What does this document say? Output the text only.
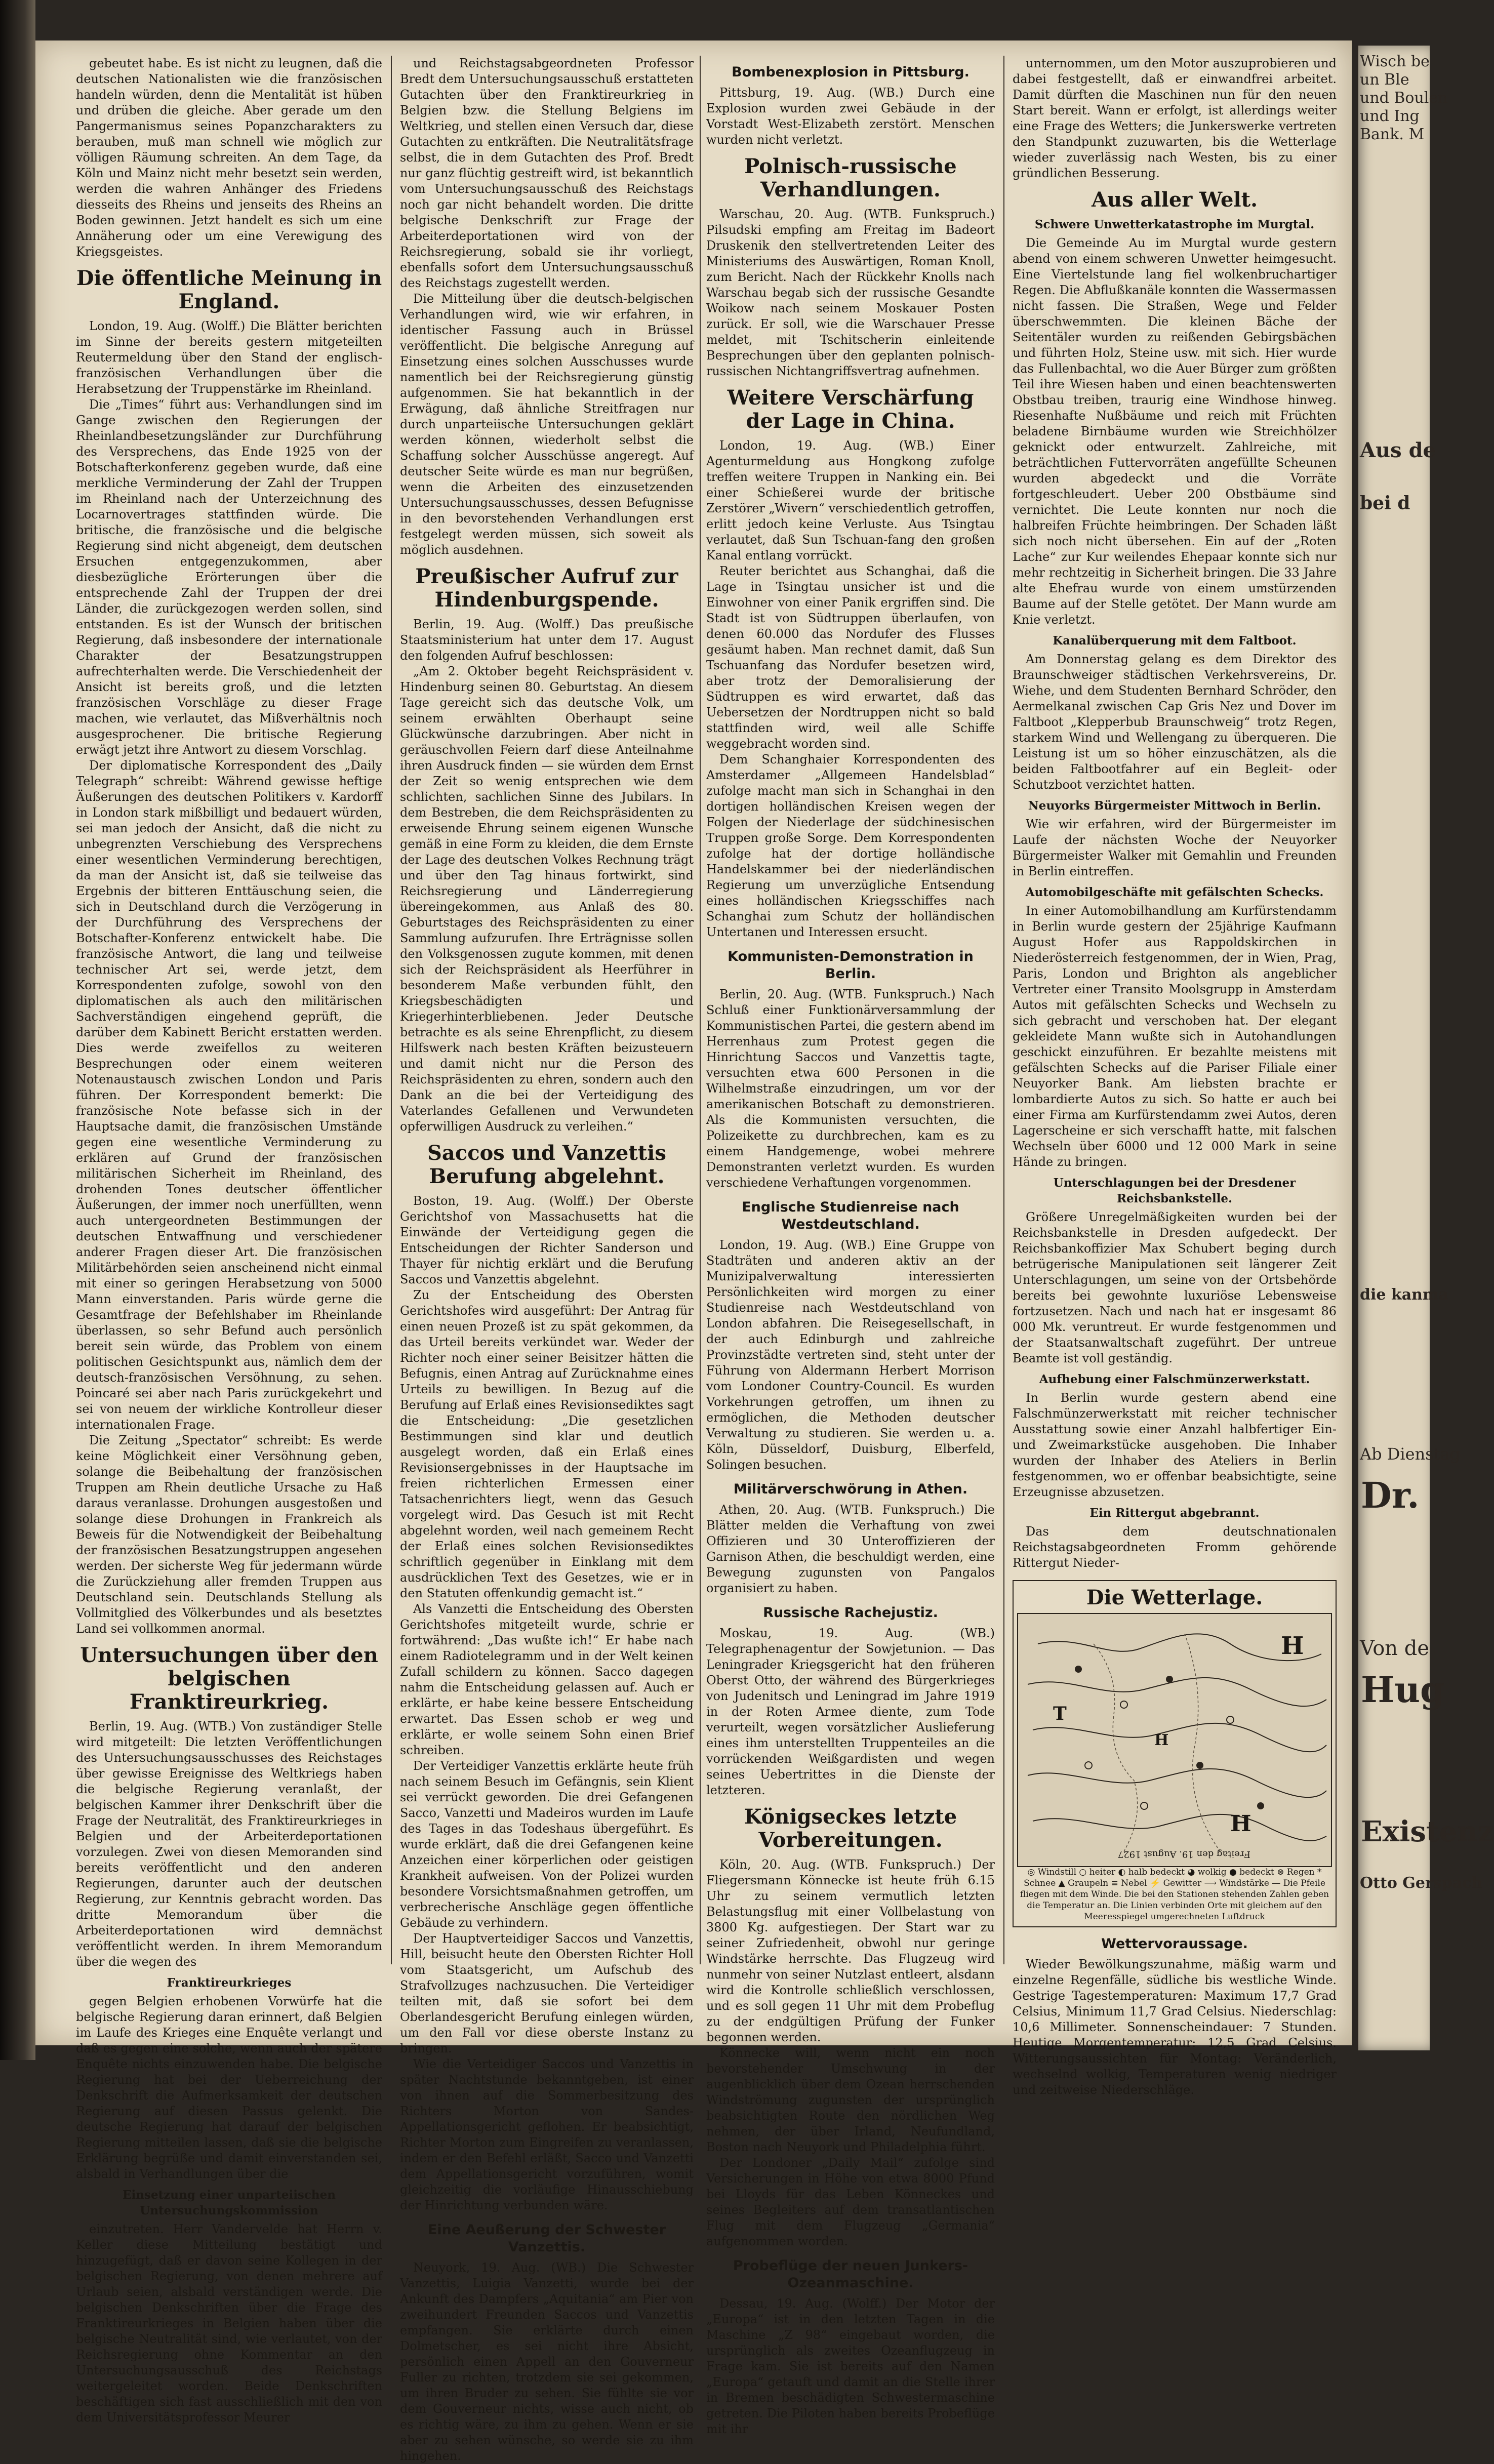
gebeutet habe. Es ist nicht zu leugnen, daß die deutschen Nationalisten wie die französischen handeln würden, denn die Mentalität ist hüben und drüben die gleiche. Aber gerade um den Pangermanismus seines Popanzcharakters zu berauben, muß man schnell wie möglich zur völligen Räumung schreiten. An dem Tage, da Köln und Mainz nicht mehr besetzt sein werden, werden die wahren Anhänger des Friedens diesseits des Rheins und jenseits des Rheins an Boden gewinnen. Jetzt handelt es sich um eine Annäherung oder um eine Verewigung des Kriegsgeistes.

Die öffentliche Meinung in England.

London, 19. Aug. (Wolff.) Die Blätter berichten im Sinne der bereits gestern mitgeteilten Reutermeldung über den Stand der englisch-französischen Verhandlungen über die Herabsetzung der Truppenstärke im Rheinland.

Die „Times“ führt aus: Verhandlungen sind im Gange zwischen den Regierungen der Rheinlandbesetzungsländer zur Durchführung des Versprechens, das Ende 1925 von der Botschafterkonferenz gegeben wurde, daß eine merkliche Verminderung der Zahl der Truppen im Rheinland nach der Unterzeichnung des Locarnovertrages stattfinden würde. Die britische, die französische und die belgische Regierung sind nicht abgeneigt, dem deutschen Ersuchen entgegenzukommen, aber diesbezügliche Erörterungen über die entsprechende Zahl der Truppen der drei Länder, die zurückgezogen werden sollen, sind entstanden. Es ist der Wunsch der britischen Regierung, daß insbesondere der internationale Charakter der Besatzungstruppen aufrechterhalten werde. Die Verschiedenheit der Ansicht ist bereits groß, und die letzten französischen Vorschläge zu dieser Frage machen, wie verlautet, das Mißverhältnis noch ausgesprochener. Die britische Regierung erwägt jetzt ihre Antwort zu diesem Vorschlag.

Der diplomatische Korrespondent des „Daily Telegraph“ schreibt: Während gewisse heftige Äußerungen des deutschen Politikers v. Kardorff in London stark mißbilligt und bedauert würden, sei man jedoch der Ansicht, daß die nicht zu unbegrenzten Verschiebung des Versprechens einer wesentlichen Verminderung berechtigen, da man der Ansicht ist, daß sie teilweise das Ergebnis der bitteren Enttäuschung seien, die sich in Deutschland durch die Verzögerung in der Durchführung des Versprechens der Botschafter-Konferenz entwickelt habe. Die französische Antwort, die lang und teilweise technischer Art sei, werde jetzt, dem Korrespondenten zufolge, sowohl von den diplomatischen als auch den militärischen Sachverständigen eingehend geprüft, die darüber dem Kabinett Bericht erstatten werden. Dies werde zweifellos zu weiteren Besprechungen oder einem weiteren Notenaustausch zwischen London und Paris führen. Der Korrespondent bemerkt: Die französische Note befasse sich in der Hauptsache damit, die französischen Umstände gegen eine wesentliche Verminderung zu erklären auf Grund der französischen militärischen Sicherheit im Rheinland, des drohenden Tones deutscher öffentlicher Äußerungen, der immer noch unerfüllten, wenn auch untergeordneten Bestimmungen der deutschen Entwaffnung und verschiedener anderer Fragen dieser Art. Die französischen Militärbehörden seien anscheinend nicht einmal mit einer so geringen Herabsetzung von 5000 Mann einverstanden. Paris würde gerne die Gesamtfrage der Befehlshaber im Rheinlande überlassen, so sehr Befund auch persönlich bereit sein würde, das Problem von einem politischen Gesichtspunkt aus, nämlich dem der deutsch-französischen Versöhnung, zu sehen. Poincaré sei aber nach Paris zurückgekehrt und sei von neuem der wirkliche Kontrolleur dieser internationalen Frage.

Die Zeitung „Spectator“ schreibt: Es werde keine Möglichkeit einer Versöhnung geben, solange die Beibehaltung der französischen Truppen am Rhein deutliche Ursache zu Haß daraus veranlasse. Drohungen ausgestoßen und solange diese Drohungen in Frankreich als Beweis für die Notwendigkeit der Beibehaltung der französischen Besatzungstruppen angesehen werden. Der sicherste Weg für jedermann würde die Zurückziehung aller fremden Truppen aus Deutschland sein. Deutschlands Stellung als Vollmitglied des Völkerbundes und als besetztes Land sei vollkommen anormal.

Untersuchungen über den belgischen Franktireurkrieg.

Berlin, 19. Aug. (WTB.) Von zuständiger Stelle wird mitgeteilt: Die letzten Veröffentlichungen des Untersuchungsausschusses des Reichstages über gewisse Ereignisse des Weltkriegs haben die belgische Regierung veranlaßt, der belgischen Kammer ihrer Denkschrift über die Frage der Neutralität, des Franktireurkrieges in Belgien und der Arbeiterdeportationen vorzulegen. Zwei von diesen Memoranden sind bereits veröffentlicht und den anderen Regierungen, darunter auch der deutschen Regierung, zur Kenntnis gebracht worden. Das dritte Memorandum über die Arbeiterdeportationen wird demnächst veröffentlicht werden. In ihrem Memorandum über die wegen des

Franktireurkrieges

gegen Belgien erhobenen Vorwürfe hat die belgische Regierung daran erinnert, daß Belgien im Laufe des Krieges eine Enquête verlangt und daß es gegen eine solche, wenn auch der spätere Enquête nichts einzuwenden habe. Die belgische Regierung hat bei der Ueberreichung der Denkschrift die Aufmerksamkeit der deutschen Regierung auf diesen Passus gelenkt. Die deutsche Regierung hat darauf der belgischen Regierung mitteilen lassen, daß sie die belgische Erklärung begrüße und damit einverstanden sei, alsbald in Verhandlungen über die

Einsetzung einer unparteiischen Untersuchungskommission

einzutreten. Herr Vandervelde hat Herrn v. Keller diese Mitteilung bestätigt und hinzugefügt, daß er davon seine Kollegen in der belgischen Regierung, von denen mehrere auf Urlaub seien, alsbald verständigen werde. Die belgischen Denkschriften über die Frage des Franktireurkrieges in Belgien haben über die belgische Neutralität sind, wie verlautet, von der Reichsregierung ohne Kommentar an den Untersuchungsausschuß des Reichstags weitergeleitet worden. Beide Denkschriften beschäftigen sich fast ausschließlich mit den von dem Universitätsprofessor Meurer

und Reichstagsabgeordneten Professor Bredt dem Untersuchungsausschuß erstatteten Gutachten über den Franktireurkrieg in Belgien bzw. die Stellung Belgiens im Weltkrieg, und stellen einen Versuch dar, diese Gutachten zu entkräften. Die Neutralitätsfrage selbst, die in dem Gutachten des Prof. Bredt nur ganz flüchtig gestreift wird, ist bekanntlich vom Untersuchungsausschuß des Reichstags noch gar nicht behandelt worden. Die dritte belgische Denkschrift zur Frage der Arbeiterdeportationen wird von der Reichsregierung, sobald sie ihr vorliegt, ebenfalls sofort dem Untersuchungsausschuß des Reichstags zugestellt werden.

Die Mitteilung über die deutsch-belgischen Verhandlungen wird, wie wir erfahren, in identischer Fassung auch in Brüssel veröffentlicht. Die belgische Anregung auf Einsetzung eines solchen Ausschusses wurde namentlich bei der Reichsregierung günstig aufgenommen. Sie hat bekanntlich in der Erwägung, daß ähnliche Streitfragen nur durch unparteiische Untersuchungen geklärt werden können, wiederholt selbst die Schaffung solcher Ausschüsse angeregt. Auf deutscher Seite würde es man nur begrüßen, wenn die Arbeiten des einzusetzenden Untersuchungsausschusses, dessen Befugnisse in den bevorstehenden Verhandlungen erst festgelegt werden müssen, sich soweit als möglich ausdehnen.

Preußischer Aufruf zur Hindenburgspende.

Berlin, 19. Aug. (Wolff.) Das preußische Staatsministerium hat unter dem 17. August den folgenden Aufruf beschlossen:

„Am 2. Oktober begeht Reichspräsident v. Hindenburg seinen 80. Geburtstag. An diesem Tage gereicht sich das deutsche Volk, um seinem erwählten Oberhaupt seine Glückwünsche darzubringen. Aber nicht in geräuschvollen Feiern darf diese Anteilnahme ihren Ausdruck finden — sie würden dem Ernst der Zeit so wenig entsprechen wie dem schlichten, sachlichen Sinne des Jubilars. In dem Bestreben, die dem Reichspräsidenten zu erweisende Ehrung seinem eigenen Wunsche gemäß in eine Form zu kleiden, die dem Ernste der Lage des deutschen Volkes Rechnung trägt und über den Tag hinaus fortwirkt, sind Reichsregierung und Länderregierung übereingekommen, aus Anlaß des 80. Geburtstages des Reichspräsidenten zu einer Sammlung aufzurufen. Ihre Erträgnisse sollen den Volksgenossen zugute kommen, mit denen sich der Reichspräsident als Heerführer in besonderem Maße verbunden fühlt, den Kriegsbeschädigten und Kriegerhinterbliebenen. Jeder Deutsche betrachte es als seine Ehrenpflicht, zu diesem Hilfswerk nach besten Kräften beizusteuern und damit nicht nur die Person des Reichspräsidenten zu ehren, sondern auch den Dank an die bei der Verteidigung des Vaterlandes Gefallenen und Verwundeten opferwilligen Ausdruck zu verleihen.“

Saccos und Vanzettis Berufung abgelehnt.

Boston, 19. Aug. (Wolff.) Der Oberste Gerichtshof von Massachusetts hat die Einwände der Verteidigung gegen die Entscheidungen der Richter Sanderson und Thayer für nichtig erklärt und die Berufung Saccos und Vanzettis abgelehnt.

Zu der Entscheidung des Obersten Gerichtshofes wird ausgeführt: Der Antrag für einen neuen Prozeß ist zu spät gekommen, da das Urteil bereits verkündet war. Weder der Richter noch einer seiner Beisitzer hätten die Befugnis, einen Antrag auf Zurücknahme eines Urteils zu bewilligen. In Bezug auf die Berufung auf Erlaß eines Revisionsediktes sagt die Entscheidung: „Die gesetzlichen Bestimmungen sind klar und deutlich ausgelegt worden, daß ein Erlaß eines Revisionsergebnisses in der Hauptsache im freien richterlichen Ermessen einer Tatsachenrichters liegt, wenn das Gesuch vorgelegt wird. Das Gesuch ist mit Recht abgelehnt worden, weil nach gemeinem Recht der Erlaß eines solchen Revisionsediktes schriftlich gegenüber in Einklang mit dem ausdrücklichen Text des Gesetzes, wie er in den Statuten offenkundig gemacht ist.“

Als Vanzetti die Entscheidung des Obersten Gerichtshofes mitgeteilt wurde, schrie er fortwährend: „Das wußte ich!“ Er habe nach einem Radiotelegramm und in der Welt keinen Zufall schildern zu können. Sacco dagegen nahm die Entscheidung gelassen auf. Auch er erklärte, er habe keine bessere Entscheidung erwartet. Das Essen schob er weg und erklärte, er wolle seinem Sohn einen Brief schreiben.

Der Verteidiger Vanzettis erklärte heute früh nach seinem Besuch im Gefängnis, sein Klient sei verrückt geworden. Die drei Gefangenen Sacco, Vanzetti und Madeiros wurden im Laufe des Tages in das Todeshaus übergeführt. Es wurde erklärt, daß die drei Gefangenen keine Anzeichen einer körperlichen oder geistigen Krankheit aufweisen. Von der Polizei wurden besondere Vorsichtsmaßnahmen getroffen, um verbrecherische Anschläge gegen öffentliche Gebäude zu verhindern.

Der Hauptverteidiger Saccos und Vanzettis, Hill, beisucht heute den Obersten Richter Holl vom Staatsgericht, um Aufschub des Strafvollzuges nachzusuchen. Die Verteidiger teilten mit, daß sie sofort bei dem Oberlandesgericht Berufung einlegen würden, um den Fall vor diese oberste Instanz zu bringen.

Wie die Verteidiger Saccos und Vanzettis in später Nachtstunde bekanntgeben, ist einer von ihnen auf die Sommerbesitzung des Richters Morton von Sandes-Appellationsgericht geflohen. Er beabsichtigt, Richter Morton zum Eingreifen zu veranlassen, indem er den Befehl erläßt, Sacco und Vanzetti dem Appellationsgericht vorzuführen, womit gleichzeitig die vorläufige Hinausschiebung der Hinrichtung verbunden wäre.

Eine Aeußerung der Schwester Vanzettis.

Neuyork, 19. Aug. (WB.) Die Schwester Vanzettis, Luigia Vanzetti, wurde bei der Ankunft des Dampfers „Aquitania“ am Pier von zweihundert Freunden Saccos und Vanzettis empfangen. Sie erklärte durch einen Dolmetscher, es sei nicht ihre Absicht, persönlich einen Appell an den Gouverneur Fuller zu richten, trotzdem sie sei gekommen, um ihren Bruder zu sehen. Sie fühlte sie vor dem Gouverneur nichts, wisse auch nicht, ob es richtig wäre, zu ihm zu gehen. Wenn er sie aber zu sehen wünsche, so werde sie zu ihm hingehen.

Bombenexplosion in Pittsburg.

Pittsburg, 19. Aug. (WB.) Durch eine Explosion wurden zwei Gebäude in der Vorstadt West-Elizabeth zerstört. Menschen wurden nicht verletzt.

Polnisch-russische Verhandlungen.

Warschau, 20. Aug. (WTB. Funkspruch.) Pilsudski empfing am Freitag im Badeort Druskenik den stellvertretenden Leiter des Ministeriums des Auswärtigen, Roman Knoll, zum Bericht. Nach der Rückkehr Knolls nach Warschau begab sich der russische Gesandte Woikow nach seinem Moskauer Posten zurück. Er soll, wie die Warschauer Presse meldet, mit Tschitscherin einleitende Besprechungen über den geplanten polnisch-russischen Nichtangriffsvertrag aufnehmen.

Weitere Verschärfung der Lage in China.

London, 19. Aug. (WB.) Einer Agenturmeldung aus Hongkong zufolge treffen weitere Truppen in Nanking ein. Bei einer Schießerei wurde der britische Zerstörer „Wivern“ verschiedentlich getroffen, erlitt jedoch keine Verluste. Aus Tsingtau verlautet, daß Sun Tschuan-fang den großen Kanal entlang vorrückt.

Reuter berichtet aus Schanghai, daß die Lage in Tsingtau unsicher ist und die Einwohner von einer Panik ergriffen sind. Die Stadt ist von Südtruppen überlaufen, von denen 60.000 das Nordufer des Flusses gesäumt haben. Man rechnet damit, daß Sun Tschuanfang das Nordufer besetzen wird, aber trotz der Demoralisierung der Südtruppen es wird erwartet, daß das Uebersetzen der Nordtruppen nicht so bald stattfinden wird, weil alle Schiffe weggebracht worden sind.

Dem Schanghaier Korrespondenten des Amsterdamer „Allgemeen Handelsblad“ zufolge macht man sich in Schanghai in den dortigen holländischen Kreisen wegen der Folgen der Niederlage der südchinesischen Truppen große Sorge. Dem Korrespondenten zufolge hat der dortige holländische Handelskammer bei der niederländischen Regierung um unverzügliche Entsendung eines holländischen Kriegsschiffes nach Schanghai zum Schutz der holländischen Untertanen und Interessen ersucht.

Kommunisten-Demonstration in Berlin.

Berlin, 20. Aug. (WTB. Funkspruch.) Nach Schluß einer Funktionärversammlung der Kommunistischen Partei, die gestern abend im Herrenhaus zum Protest gegen die Hinrichtung Saccos und Vanzettis tagte, versuchten etwa 600 Personen in die Wilhelmstraße einzudringen, um vor der amerikanischen Botschaft zu demonstrieren. Als die Kommunisten versuchten, die Polizeikette zu durchbrechen, kam es zu einem Handgemenge, wobei mehrere Demonstranten verletzt wurden. Es wurden verschiedene Verhaftungen vorgenommen.

Englische Studienreise nach Westdeutschland.

London, 19. Aug. (WB.) Eine Gruppe von Stadträten und anderen aktiv an der Munizipalverwaltung interessierten Persönlichkeiten wird morgen zu einer Studienreise nach Westdeutschland von London abfahren. Die Reisegesellschaft, in der auch Edinburgh und zahlreiche Provinzstädte vertreten sind, steht unter der Führung von Aldermann Herbert Morrison vom Londoner Country-Council. Es wurden Vorkehrungen getroffen, um ihnen zu ermöglichen, die Methoden deutscher Verwaltung zu studieren. Sie werden u. a. Köln, Düsseldorf, Duisburg, Elberfeld, Solingen besuchen.

Militärverschwörung in Athen.

Athen, 20. Aug. (WTB. Funkspruch.) Die Blätter melden die Verhaftung von zwei Offizieren und 30 Unteroffizieren der Garnison Athen, die beschuldigt werden, eine Bewegung zugunsten von Pangalos organisiert zu haben.

Russische Rachejustiz.

Moskau, 19. Aug. (WB.) Telegraphenagentur der Sowjetunion. — Das Leningrader Kriegsgericht hat den früheren Oberst Otto, der während des Bürgerkrieges von Judenitsch und Leningrad im Jahre 1919 in der Roten Armee diente, zum Tode verurteilt, wegen vorsätzlicher Auslieferung eines ihm unterstellten Truppenteiles an die vorrückenden Weißgardisten und wegen seines Uebertrittes in die Dienste der letzteren.

Königseckes letzte Vorbereitungen.

Köln, 20. Aug. (WTB. Funkspruch.) Der Fliegersmann Könnecke ist heute früh 6.15 Uhr zu seinem vermutlich letzten Belastungsflug mit einer Vollbelastung von 3800 Kg. aufgestiegen. Der Start war zu seiner Zufriedenheit, obwohl nur geringe Windstärke herrschte. Das Flugzeug wird nunmehr von seiner Nutzlast entleert, alsdann wird die Kontrolle schließlich verschlossen, und es soll gegen 11 Uhr mit dem Probeflug zu der endgültigen Prüfung der Funker begonnen werden.

Könnecke will, wenn nicht ein noch bevorstehender Umschwung in der augenblicklich über dem Ozean herrschenden Windströmung zugunsten der ursprünglich beabsichtigten Route den nördlichen Weg nehmen, der über Irland, Neufundland, Boston nach Neuyork und Philadelphia führt.

Der Londoner „Daily Mail“ zufolge sind Versicherungen in Höhe von etwa 8000 Pfund bei Lloyds für das Leben Könneckes und seines Begleiters auf dem transatlantischen Flug mit dem Flugzeug „Germania“ aufgenommen worden.

Probeflüge der neuen Junkers-Ozeanmaschine.

Dessau, 19. Aug. (Wolff.) Der Motor der „Europa“ ist in den letzten Tagen in die Maschine „Z 98“ eingebaut worden, die ursprünglich als zweites Ozeanflugzeug in Frage kam. Sie ist bereits auf den Namen „Europa“ getauft und damit an die Stelle ihrer in Bremen beschädigten Schwestermaschine getreten. Die Piloten haben bereits Probeflüge mit ihr

unternommen, um den Motor auszuprobieren und dabei festgestellt, daß er einwandfrei arbeitet. Damit dürften die Maschinen nun für den neuen Start bereit. Wann er erfolgt, ist allerdings weiter eine Frage des Wetters; die Junkerswerke vertreten den Standpunkt zuzuwarten, bis die Wetterlage wieder zuverlässig nach Westen, bis zu einer gründlichen Besserung.

Aus aller Welt.
Schwere Unwetterkatastrophe im Murgtal.

Die Gemeinde Au im Murgtal wurde gestern abend von einem schweren Unwetter heimgesucht. Eine Viertelstunde lang fiel wolkenbruchartiger Regen. Die Abflußkanäle konnten die Wassermassen nicht fassen. Die Straßen, Wege und Felder überschwemmten. Die kleinen Bäche der Seitentäler wurden zu reißenden Gebirgsbächen und führten Holz, Steine usw. mit sich. Hier wurde das Fullenbachtal, wo die Auer Bürger zum größten Teil ihre Wiesen haben und einen beachtenswerten Obstbau treiben, traurig eine Windhose hinweg. Riesenhafte Nußbäume und reich mit Früchten beladene Birnbäume wurden wie Streichhölzer geknickt oder entwurzelt. Zahlreiche, mit beträchtlichen Futtervorräten angefüllte Scheunen wurden abgedeckt und die Vorräte fortgeschleudert. Ueber 200 Obstbäume sind vernichtet. Die Leute konnten nur noch die halbreifen Früchte heimbringen. Der Schaden läßt sich noch nicht übersehen. Ein auf der „Roten Lache“ zur Kur weilendes Ehepaar konnte sich nur mehr rechtzeitig in Sicherheit bringen. Die 33 Jahre alte Ehefrau wurde von einem umstürzenden Baume auf der Stelle getötet. Der Mann wurde am Knie verletzt.

Kanalüberquerung mit dem Faltboot.

Am Donnerstag gelang es dem Direktor des Braunschweiger städtischen Verkehrsvereins, Dr. Wiehe, und dem Studenten Bernhard Schröder, den Aermelkanal zwischen Cap Gris Nez und Dover im Faltboot „Klepperbub Braunschweig“ trotz Regen, starkem Wind und Wellengang zu überqueren. Die Leistung ist um so höher einzuschätzen, als die beiden Faltbootfahrer auf ein Begleit- oder Schutzboot verzichtet hatten.

Neuyorks Bürgermeister Mittwoch in Berlin.

Wie wir erfahren, wird der Bürgermeister im Laufe der nächsten Woche der Neuyorker Bürgermeister Walker mit Gemahlin und Freunden in Berlin eintreffen.

Automobilgeschäfte mit gefälschten Schecks.

In einer Automobilhandlung am Kurfürstendamm in Berlin wurde gestern der 25jährige Kaufmann August Hofer aus Rappoldskirchen in Niederösterreich festgenommen, der in Wien, Prag, Paris, London und Brighton als angeblicher Vertreter einer Transito Moolsgrupp in Amsterdam Autos mit gefälschten Schecks und Wechseln zu sich gebracht und verschoben hat. Der elegant gekleidete Mann wußte sich in Autohandlungen geschickt einzuführen. Er bezahlte meistens mit gefälschten Schecks auf die Pariser Filiale einer Neuyorker Bank. Am liebsten brachte er lombardierte Autos zu sich. So hatte er auch bei einer Firma am Kurfürstendamm zwei Autos, deren Lagerscheine er sich verschafft hatte, mit falschen Wechseln über 6000 und 12 000 Mark in seine Hände zu bringen.

Unterschlagungen bei der Dresdener Reichsbankstelle.

Größere Unregelmäßigkeiten wurden bei der Reichsbankstelle in Dresden aufgedeckt. Der Reichsbankoffizier Max Schubert beging durch betrügerische Manipulationen seit längerer Zeit Unterschlagungen, um seine von der Ortsbehörde bereits bei gewohnte luxuriöse Lebensweise fortzusetzen. Nach und nach hat er insgesamt 86 000 Mk. veruntreut. Er wurde festgenommen und der Staatsanwaltschaft zugeführt. Der untreue Beamte ist voll geständig.

Aufhebung einer Falschmünzerwerkstatt.

In Berlin wurde gestern abend eine Falschmünzerwerkstatt mit reicher technischer Ausstattung sowie einer Anzahl halbfertiger Ein- und Zweimarkstücke ausgehoben. Die Inhaber wurden der Inhaber des Ateliers in Berlin festgenommen, wo er offenbar beabsichtigte, seine Erzeugnisse abzusetzen.

Ein Rittergut abgebrannt.

Das dem deutschnationalen Reichstagsabgeordneten Fromm gehörende Rittergut Nieder-

Die Wetterlage.
H
T
H
H
Freitag den 19. August 1927
◎ Windstill ○ heiter ◐ halb bedeckt ◕ wolkig ● bedeckt ⊗ Regen * Schnee ▲ Graupeln ≡ Nebel ⚡ Gewitter ⟶ Windstärke — Die Pfeile fliegen mit dem Winde. Die bei den Stationen stehenden Zahlen geben die Temperatur an. Die Linien verbinden Orte mit gleichem auf den Meeresspiegel umgerechneten Luftdruck
Wettervoraussage.

Wieder Bewölkungszunahme, mäßig warm und einzelne Regenfälle, südliche bis westliche Winde. Gestrige Tagestemperaturen: Maximum 17,7 Grad Celsius, Minimum 11,7 Grad Celsius. Niederschlag: 10,6 Millimeter. Sonnenscheindauer: 7 Stunden. Heutige Morgentemperatur: 12,5 Grad Celsius. Witterungsaussichten für Montag: Veränderlich, wechselnd wolkig, Temperaturen wenig niedriger und zeitweise Niederschläge.

Wisch be
un Ble
und Boulen
und Ing
Bank. M
Aus de
bei d
die kanma
Ab Dienstag
Dr.
Von de
Hug
Existenz
Otto Gerspach
